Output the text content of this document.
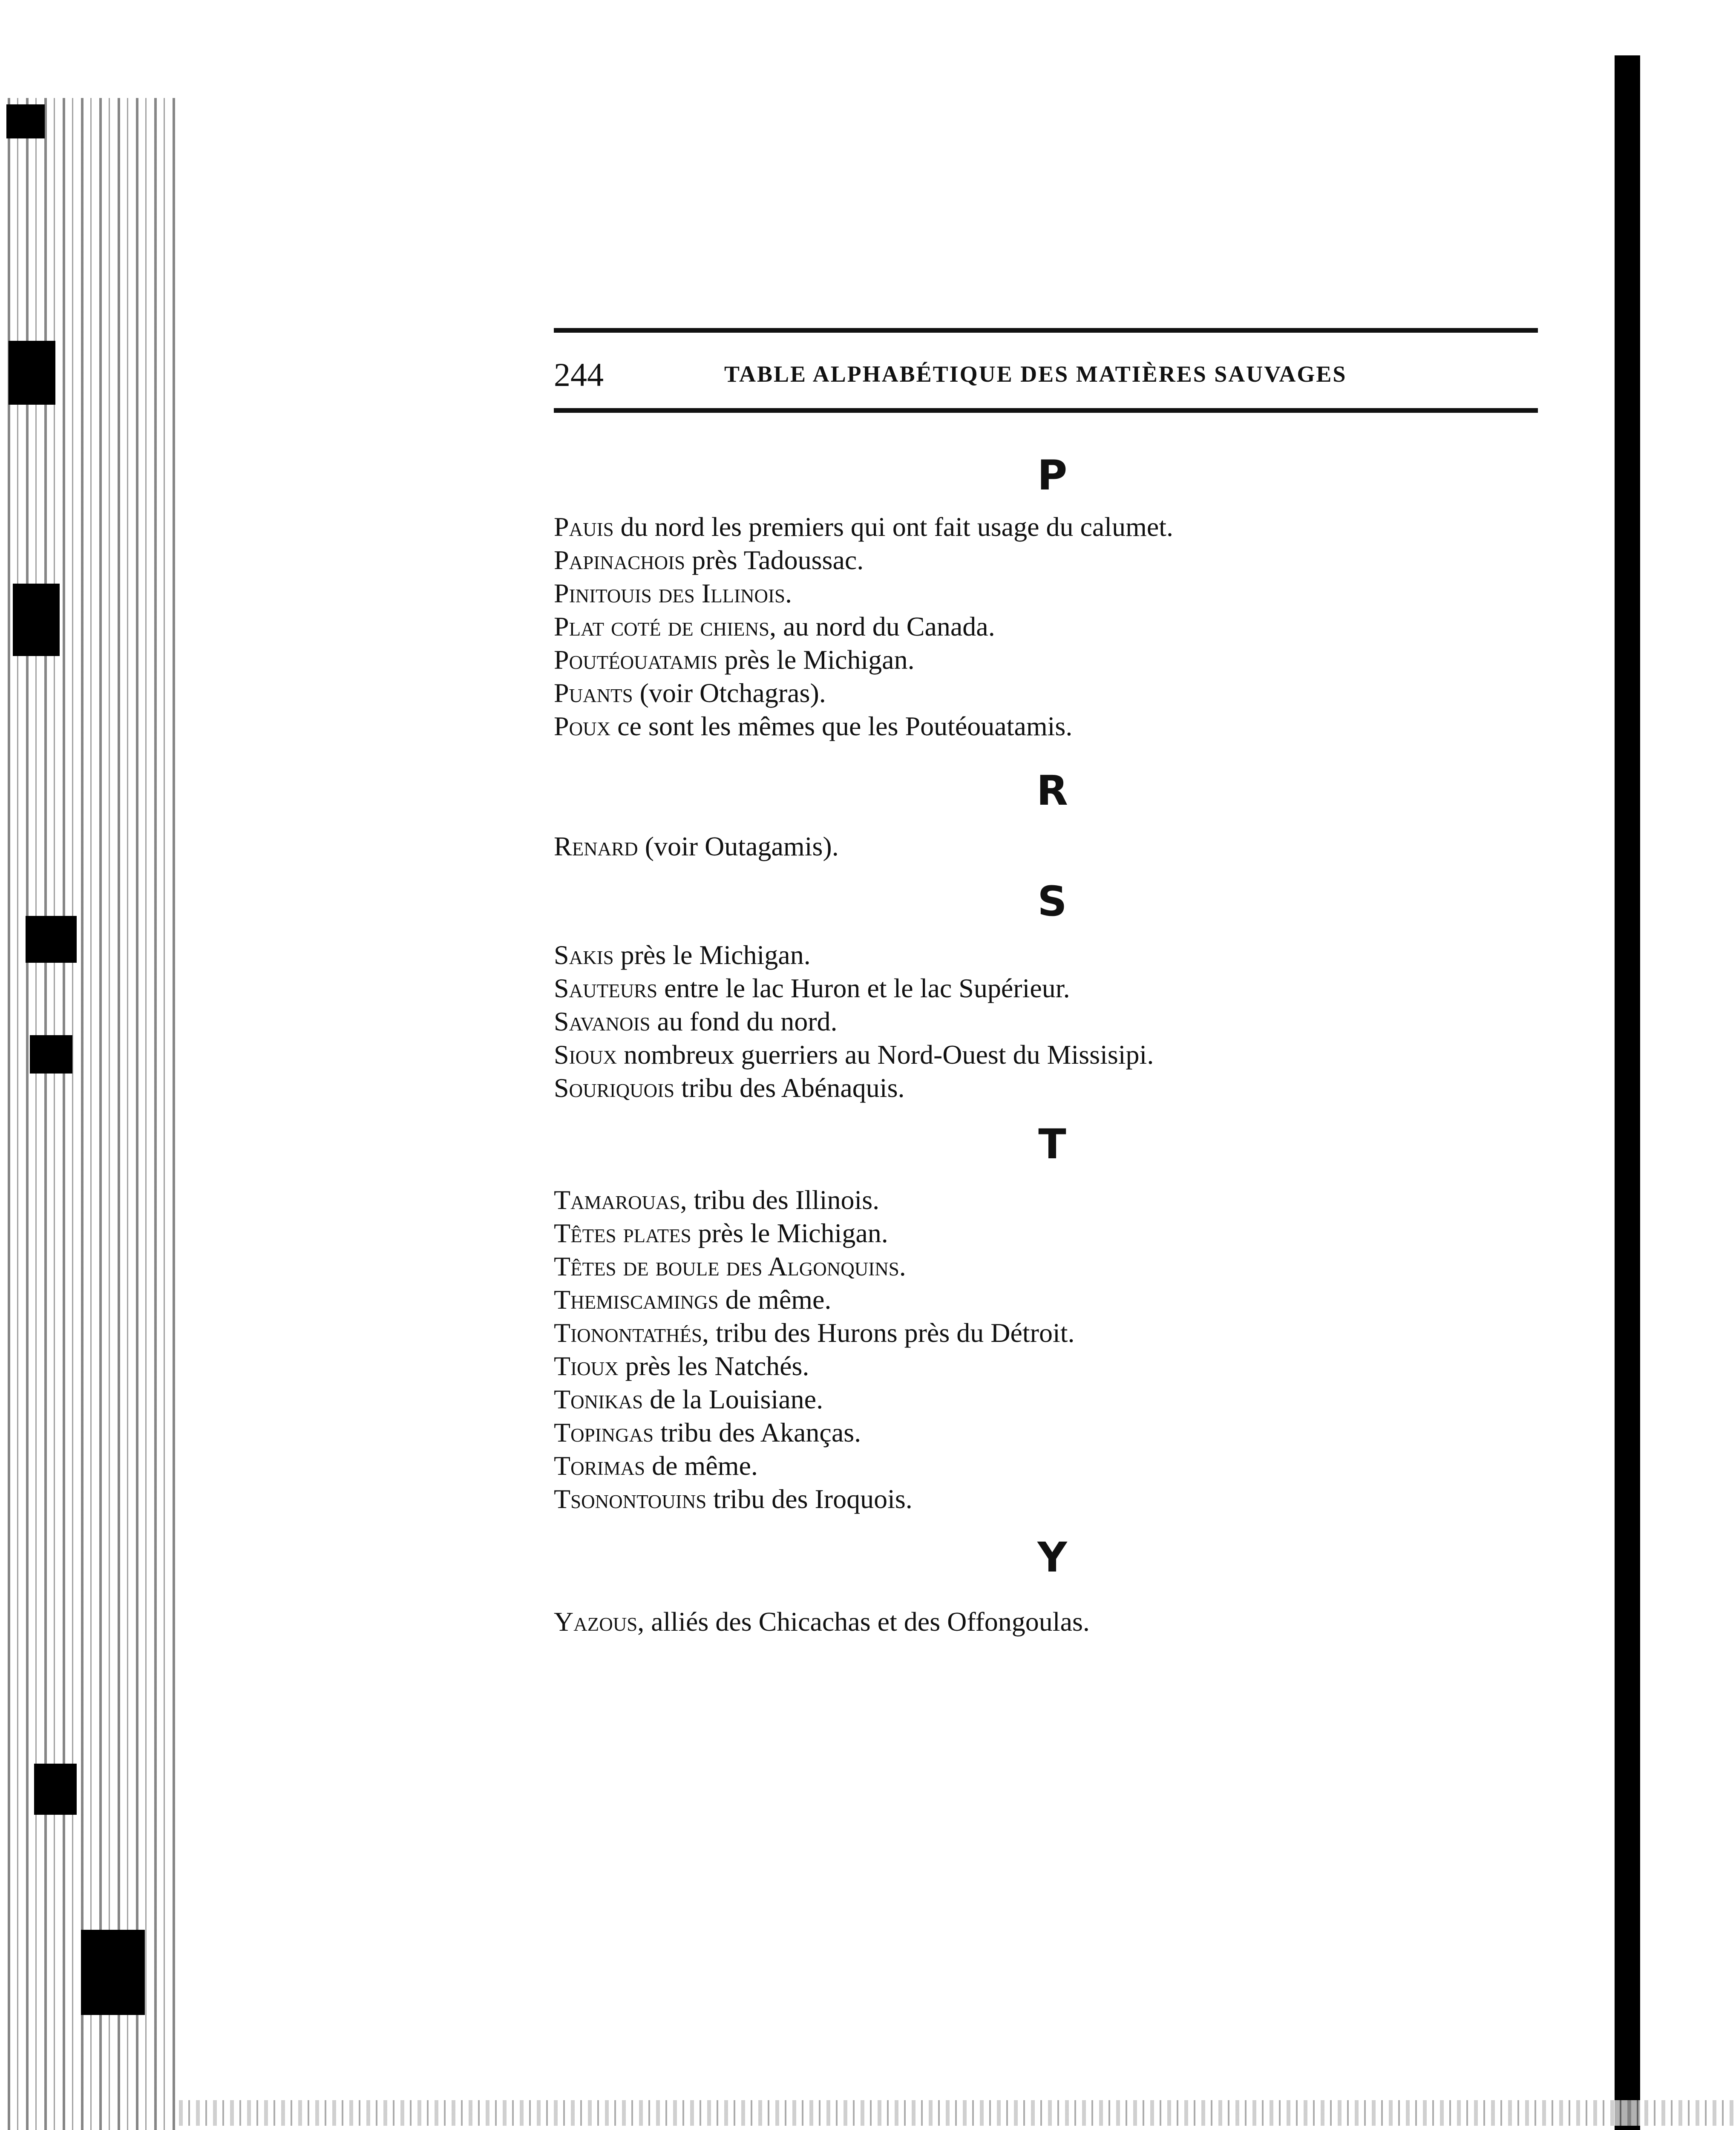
244	TABLE ALPHABÉTIQUE DES MATIÈRES SAUVAGES
P
Pauis du nord les premiers qui ont fait usage du calumet.
Papinachois près Tadoussac.
Pinitouis des Illinois.
Plat coté de chiens, au nord du Canada.
Poutéouatamis près le Michigan.
Puants (voir Otchagras).
Poux ce sont les mêmes que les Poutéouatamis.
R
Renard (voir Outagamis).
S
Sakis près le Michigan.
Sauteurs entre le lac Huron et le lac Supérieur.
Savanois au fond du nord.
Sioux nombreux guerriers au Nord-Ouest du Missisipi.
Souriquois tribu des Abénaquis.
T
Tamarouas, tribu des Illinois.
Têtes plates près le Michigan.
Têtes de boule des Algonquins.
Themiscamings de même.
Tionontathés, tribu des Hurons près du Détroit.
Tioux près les Natchés.
Tonikas de la Louisiane.
Topingas tribu des Akanças.
Torimas de même.
Tsonontouins tribu des Iroquois.
Y
Yazous, alliés des Chicachas et des Offongoulas.
